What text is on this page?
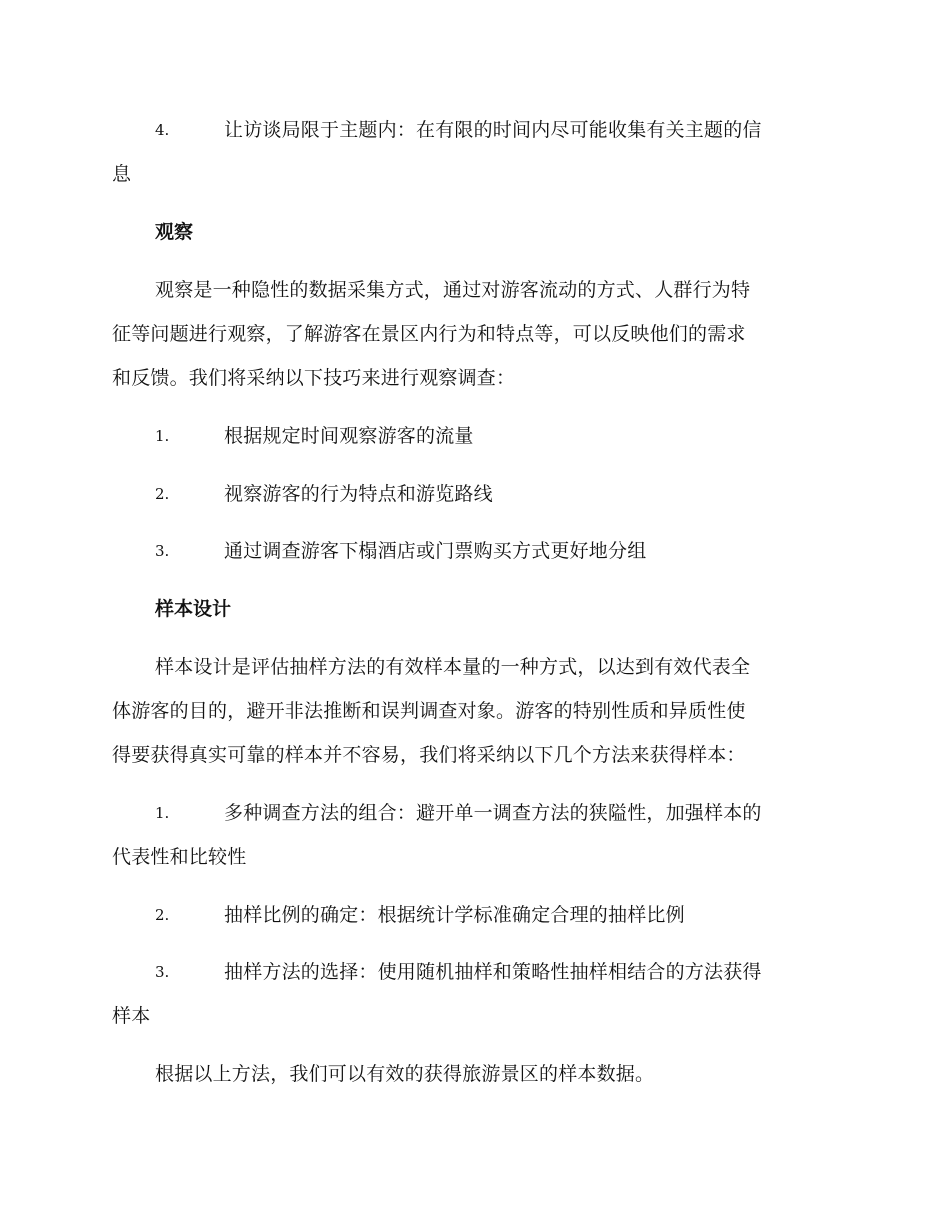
4.	让访谈局限于主题内：在有限的时间内尽可能收集有关主题的信
息
观察
观察是一种隐性的数据采集方式，通过对游客流动的方式、人群行为特
征等问题进行观察，了解游客在景区内行为和特点等，可以反映他们的需求
和反馈。我们将采纳以下技巧来进行观察调查：
1.	根据规定时间观察游客的流量
2.	视察游客的行为特点和游览路线
3.	通过调查游客下榻酒店或门票购买方式更好地分组
样本设计
样本设计是评估抽样方法的有效样本量的一种方式，以达到有效代表全
体游客的目的，避开非法推断和误判调查对象。游客的特别性质和异质性使
得要获得真实可靠的样本并不容易，我们将采纳以下几个方法来获得样本：
1.	多种调查方法的组合：避开单一调查方法的狭隘性，加强样本的
代表性和比较性
2.	抽样比例的确定：根据统计学标准确定合理的抽样比例
3.	抽样方法的选择：使用随机抽样和策略性抽样相结合的方法获得
样本
根据以上方法，我们可以有效的获得旅游景区的样本数据。
